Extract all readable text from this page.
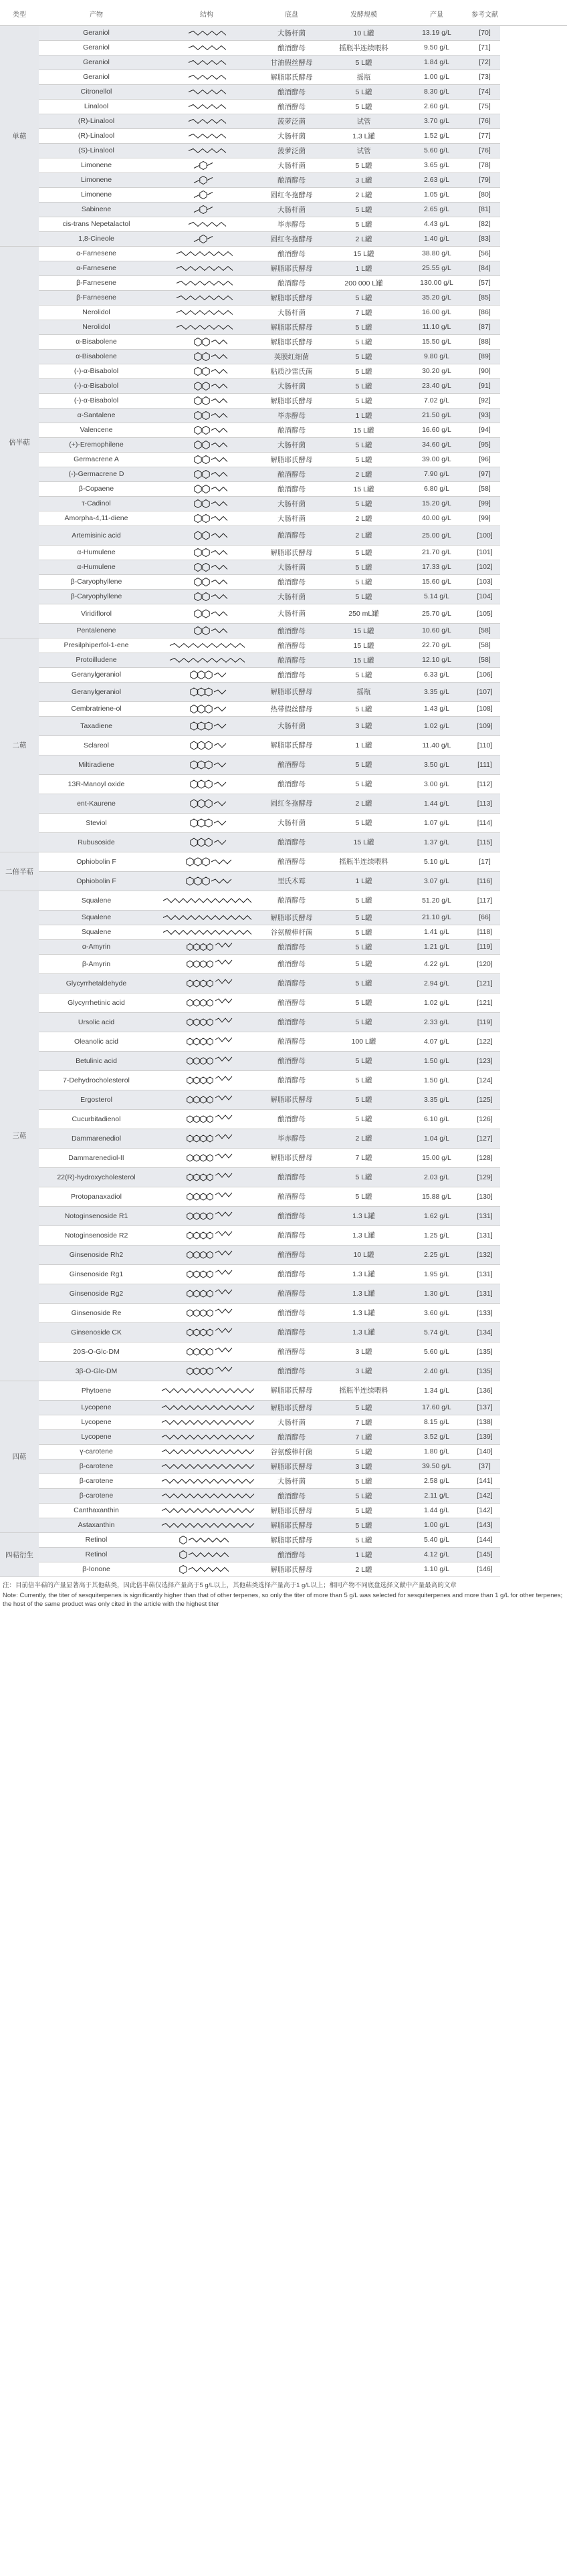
类型	产物	结构	底盘	发酵规模	产量	参考文献	
单萜	Geraniol		大肠杆菌	10 L罐	13.19 g/L	[70]	
	Geraniol		酿酒酵母	摇瓶半连续喂料	9.50 g/L	[71]	
	Geraniol		甘油假丝酵母	5 L罐	1.84 g/L	[72]	
	Geraniol		解脂耶氏酵母	摇瓶	1.00 g/L	[73]	
	Citronellol		酿酒酵母	5 L罐	8.30 g/L	[74]	
	Linalool		酿酒酵母	5 L罐	2.60 g/L	[75]	
	(R)-Linalool		菠萝泛菌	试管	3.70 g/L	[76]	
	(R)-Linalool		大肠杆菌	1.3 L罐	1.52 g/L	[77]	
	(S)-Linalool		菠萝泛菌	试管	5.60 g/L	[76]	
	Limonene		大肠杆菌	5 L罐	3.65 g/L	[78]	
	Limonene		酿酒酵母	3 L罐	2.63 g/L	[79]	
	Limonene		圆红冬孢酵母	2 L罐	1.05 g/L	[80]	
	Sabinene		大肠杆菌	5 L罐	2.65 g/L	[81]	
	cis-trans Nepetalactol		毕赤酵母	5 L罐	4.43 g/L	[82]	
	1,8-Cineole		圆红冬孢酵母	2 L罐	1.40 g/L	[83]	
倍半萜	α-Farnesene		酿酒酵母	15 L罐	38.80 g/L	[56]	
	α-Farnesene		解脂耶氏酵母	1 L罐	25.55 g/L	[84]	
	β-Farnesene		酿酒酵母	200 000 L罐	130.00 g/L	[57]	
	β-Farnesene		解脂耶氏酵母	5 L罐	35.20 g/L	[85]	
	Nerolidol		大肠杆菌	7 L罐	16.00 g/L	[86]	
	Nerolidol		解脂耶氏酵母	5 L罐	11.10 g/L	[87]	
	α-Bisabolene		解脂耶氏酵母	5 L罐	15.50 g/L	[88]	
	α-Bisabolene		荚膜红细菌	5 L罐	9.80 g/L	[89]	
	(-)-α-Bisabolol		粘质沙雷氏菌	5 L罐	30.20 g/L	[90]	
	(-)-α-Bisabolol		大肠杆菌	5 L罐	23.40 g/L	[91]	
	(-)-α-Bisabolol		解脂耶氏酵母	5 L罐	7.02 g/L	[92]	
	α-Santalene		毕赤酵母	1 L罐	21.50 g/L	[93]	
	Valencene		酿酒酵母	15 L罐	16.60 g/L	[94]	
	(+)-Eremophilene		大肠杆菌	5 L罐	34.60 g/L	[95]	
	Germacrene A		解脂耶氏酵母	5 L罐	39.00 g/L	[96]	
	(-)-Germacrene D		酿酒酵母	2 L罐	7.90 g/L	[97]	
	β-Copaene		酿酒酵母	15 L罐	6.80 g/L	[58]	
	τ-Cadinol		大肠杆菌	5 L罐	15.20 g/L	[99]	
	Amorpha-4,11-diene		大肠杆菌	2 L罐	40.00 g/L	[99]	
	Artemisinic acid		酿酒酵母	2 L罐	25.00 g/L	[100]	
	α-Humulene		解脂耶氏酵母	5 L罐	21.70 g/L	[101]	
	α-Humulene		大肠杆菌	5 L罐	17.33 g/L	[102]	
	β-Caryophyllene		酿酒酵母	5 L罐	15.60 g/L	[103]	
	β-Caryophyllene		大肠杆菌	5 L罐	5.14 g/L	[104]	
	Viridiflorol		大肠杆菌	250 mL罐	25.70 g/L	[105]	
	Pentalenene		酿酒酵母	15 L罐	10.60 g/L	[58]	
二萜	Presilphiperfol-1-ene		酿酒酵母	15 L罐	22.70 g/L	[58]	
	Protoilludene		酿酒酵母	15 L罐	12.10 g/L	[58]	
	Geranylgeraniol		酿酒酵母	5 L罐	6.33 g/L	[106]	
	Geranylgeraniol		解脂耶氏酵母	摇瓶	3.35 g/L	[107]	
	Cembratriene-ol		热带假丝酵母	5 L罐	1.43 g/L	[108]	
	Taxadiene		大肠杆菌	3 L罐	1.02 g/L	[109]	
	Sclareol		解脂耶氏酵母	1 L罐	11.40 g/L	[110]	
	Miltiradiene		酿酒酵母	5 L罐	3.50 g/L	[111]	
	13R-Manoyl oxide		酿酒酵母	5 L罐	3.00 g/L	[112]	
	ent-Kaurene		圆红冬孢酵母	2 L罐	1.44 g/L	[113]	
	Steviol		大肠杆菌	5 L罐	1.07 g/L	[114]	
	Rubusoside		酿酒酵母	15 L罐	1.37 g/L	[115]	
二倍半萜	Ophiobolin F		酿酒酵母	摇瓶半连续喂料	5.10 g/L	[17]	
	Ophiobolin F		里氏木霉	1 L罐	3.07 g/L	[116]	
三萜	Squalene		酿酒酵母	5 L罐	51.20 g/L	[117]	
	Squalene		解脂耶氏酵母	5 L罐	21.10 g/L	[66]	
	Squalene		谷氨酸棒杆菌	5 L罐	1.41 g/L	[118]	
	α-Amyrin		酿酒酵母	5 L罐	1.21 g/L	[119]	
	β-Amyrin		酿酒酵母	5 L罐	4.22 g/L	[120]	
	Glycyrrhetaldehyde		酿酒酵母	5 L罐	2.94 g/L	[121]	
	Glycyrrhetinic acid		酿酒酵母	5 L罐	1.02 g/L	[121]	
	Ursolic acid		酿酒酵母	5 L罐	2.33 g/L	[119]	
	Oleanolic acid		酿酒酵母	100 L罐	4.07 g/L	[122]	
	Betulinic acid		酿酒酵母	5 L罐	1.50 g/L	[123]	
	7-Dehydrocholesterol		酿酒酵母	5 L罐	1.50 g/L	[124]	
	Ergosterol		解脂耶氏酵母	5 L罐	3.35 g/L	[125]	
	Cucurbitadienol		酿酒酵母	5 L罐	6.10 g/L	[126]	
	Dammarenediol		毕赤酵母	2 L罐	1.04 g/L	[127]	
	Dammarenediol-II		解脂耶氏酵母	7 L罐	15.00 g/L	[128]	
	22(R)-hydroxycholesterol		酿酒酵母	5 L罐	2.03 g/L	[129]	
	Protopanaxadiol		酿酒酵母	5 L罐	15.88 g/L	[130]	
	Notoginsenoside R1		酿酒酵母	1.3 L罐	1.62 g/L	[131]	
	Notoginsenoside R2		酿酒酵母	1.3 L罐	1.25 g/L	[131]	
	Ginsenoside Rh2		酿酒酵母	10 L罐	2.25 g/L	[132]	
	Ginsenoside Rg1		酿酒酵母	1.3 L罐	1.95 g/L	[131]	
	Ginsenoside Rg2		酿酒酵母	1.3 L罐	1.30 g/L	[131]	
	Ginsenoside Re		酿酒酵母	1.3 L罐	3.60 g/L	[133]	
	Ginsenoside CK		酿酒酵母	1.3 L罐	5.74 g/L	[134]	
	20S-O-Glc-DM		酿酒酵母	3 L罐	5.60 g/L	[135]	
	3β-O-Glc-DM		酿酒酵母	3 L罐	2.40 g/L	[135]	
四萜	Phytoene		解脂耶氏酵母	摇瓶半连续喂料	1.34 g/L	[136]	
	Lycopene		解脂耶氏酵母	5 L罐	17.60 g/L	[137]	
	Lycopene		大肠杆菌	7 L罐	8.15 g/L	[138]	
	Lycopene		酿酒酵母	7 L罐	3.52 g/L	[139]	
	γ-carotene		谷氨酸棒杆菌	5 L罐	1.80 g/L	[140]	
	β-carotene		解脂耶氏酵母	3 L罐	39.50 g/L	[37]	
	β-carotene		大肠杆菌	5 L罐	2.58 g/L	[141]	
	β-carotene		酿酒酵母	5 L罐	2.11 g/L	[142]	
	Canthaxanthin		解脂耶氏酵母	5 L罐	1.44 g/L	[142]	
	Astaxanthin		解脂耶氏酵母	5 L罐	1.00 g/L	[143]	
四萜衍生	Retinol		解脂耶氏酵母	5 L罐	5.40 g/L	[144]	
	Retinol		酿酒酵母	1 L罐	4.12 g/L	[145]	
	β-Ionone		解脂耶氏酵母	2 L罐	1.10 g/L	[146]	

注：目前倍半萜的产量显著高于其他萜类，因此倍半萜仅选择产量高于5 g/L以上，其他萜类选择产量高于1 g/L以上；相同产物不同底盘选择文献中产量最高的文章

Note: Currently, the titer of sesquiterpenes is significantly higher than that of other terpenes, so only the titer of more than 5 g/L was selected for sesquiterpenes and more than 1 g/L for other terpenes; the host of the same product was only cited in the article with the highest titer
